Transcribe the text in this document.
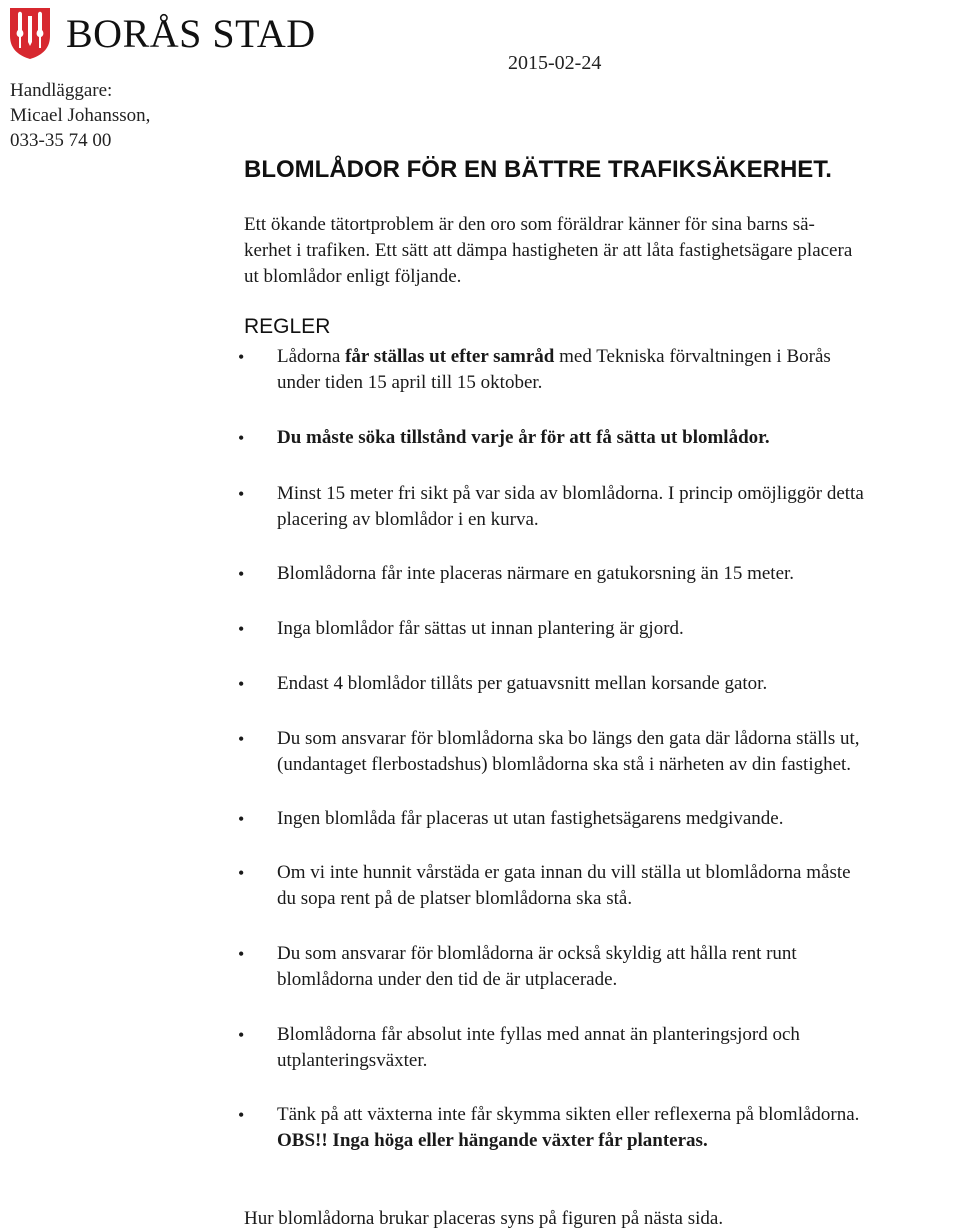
BORÅS STAD
Handläggare:
Micael Johansson,
033-35 74 00
2015-02-24
BLOMLÅDOR FÖR EN BÄTTRE TRAFIKSÄKERHET.

Ett ökande tätortproblem är den oro som föräldrar känner för sina barns sä-
kerhet i trafiken. Ett sätt att dämpa hastigheten är att låta fastighetsägare placera
ut blomlådor enligt följande.

REGLER
•	Lådorna får ställas ut efter samråd med Tekniska förvaltningen i Borås
under tiden 15 april till 15 oktober.

•	Du måste söka tillstånd varje år för att få sätta ut blomlådor.

•	Minst 15 meter fri sikt på var sida av blomlådorna. I princip omöjliggör detta
placering av blomlådor i en kurva.

•	Blomlådorna får inte placeras närmare en gatukorsning än 15 meter.

•	Inga blomlådor får sättas ut innan plantering är gjord.

•	Endast 4 blomlådor tillåts per gatuavsnitt mellan korsande gator.

•	Du som ansvarar för blomlådorna ska bo längs den gata där lådorna ställs ut,
(undantaget flerbostadshus) blomlådorna ska stå i närheten av din fastighet.

•	Ingen blomlåda får placeras ut utan fastighetsägarens medgivande.

•	Om vi inte hunnit vårstäda er gata innan du vill ställa ut blomlådorna måste
du sopa rent på de platser blomlådorna ska stå.

•	Du som ansvarar för blomlådorna är också skyldig att hålla rent runt
blomlådorna under den tid de är utplacerade.

•	Blomlådorna får absolut inte fyllas med annat än planteringsjord och
utplanteringsväxter.

•	Tänk på att växterna inte får skymma sikten eller reflexerna på blomlådorna.
OBS!! Inga höga eller hängande växter får planteras.

Hur blomlådorna brukar placeras syns på figuren på nästa sida.
